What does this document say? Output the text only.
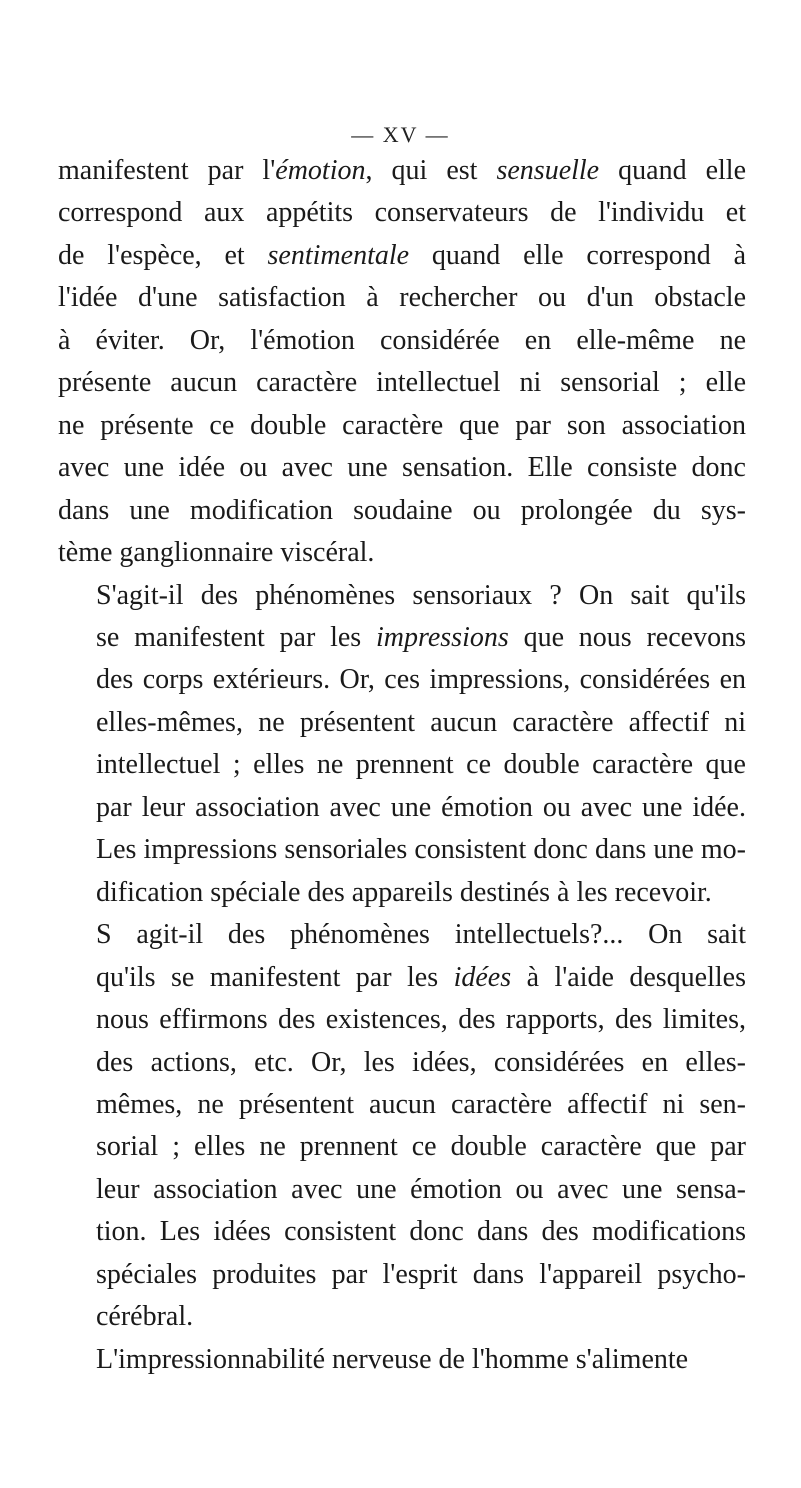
— XV —
manifestent par l'émotion, qui est sensuelle quand elle
correspond aux appétits conservateurs de l'individu et
de l'espèce, et sentimentale quand elle correspond à
l'idée d'une satisfaction à rechercher ou d'un obstacle
à éviter. Or, l'émotion considérée en elle-même ne
présente aucun caractère intellectuel ni sensorial ; elle
ne présente ce double caractère que par son association
avec une idée ou avec une sensation. Elle consiste donc
dans une modification soudaine ou prolongée du sys-
tème ganglionnaire viscéral.
S'agit-il des phénomènes sensoriaux ? On sait qu'ils
se manifestent par les impressions que nous recevons
des corps extérieurs. Or, ces impressions, considérées en
elles-mêmes, ne présentent aucun caractère affectif ni
intellectuel ; elles ne prennent ce double caractère que
par leur association avec une émotion ou avec une idée.
Les impressions sensoriales consistent donc dans une mo-
dification spéciale des appareils destinés à les recevoir.
S agit-il des phénomènes intellectuels?... On sait
qu'ils se manifestent par les idées à l'aide desquelles
nous effirmons des existences, des rapports, des limites,
des actions, etc. Or, les idées, considérées en elles-
mêmes, ne présentent aucun caractère affectif ni sen-
sorial ; elles ne prennent ce double caractère que par
leur association avec une émotion ou avec une sensa-
tion. Les idées consistent donc dans des modifications
spéciales produites par l'esprit dans l'appareil psycho-
cérébral.
L'impressionnabilité nerveuse de l'homme s'alimente
